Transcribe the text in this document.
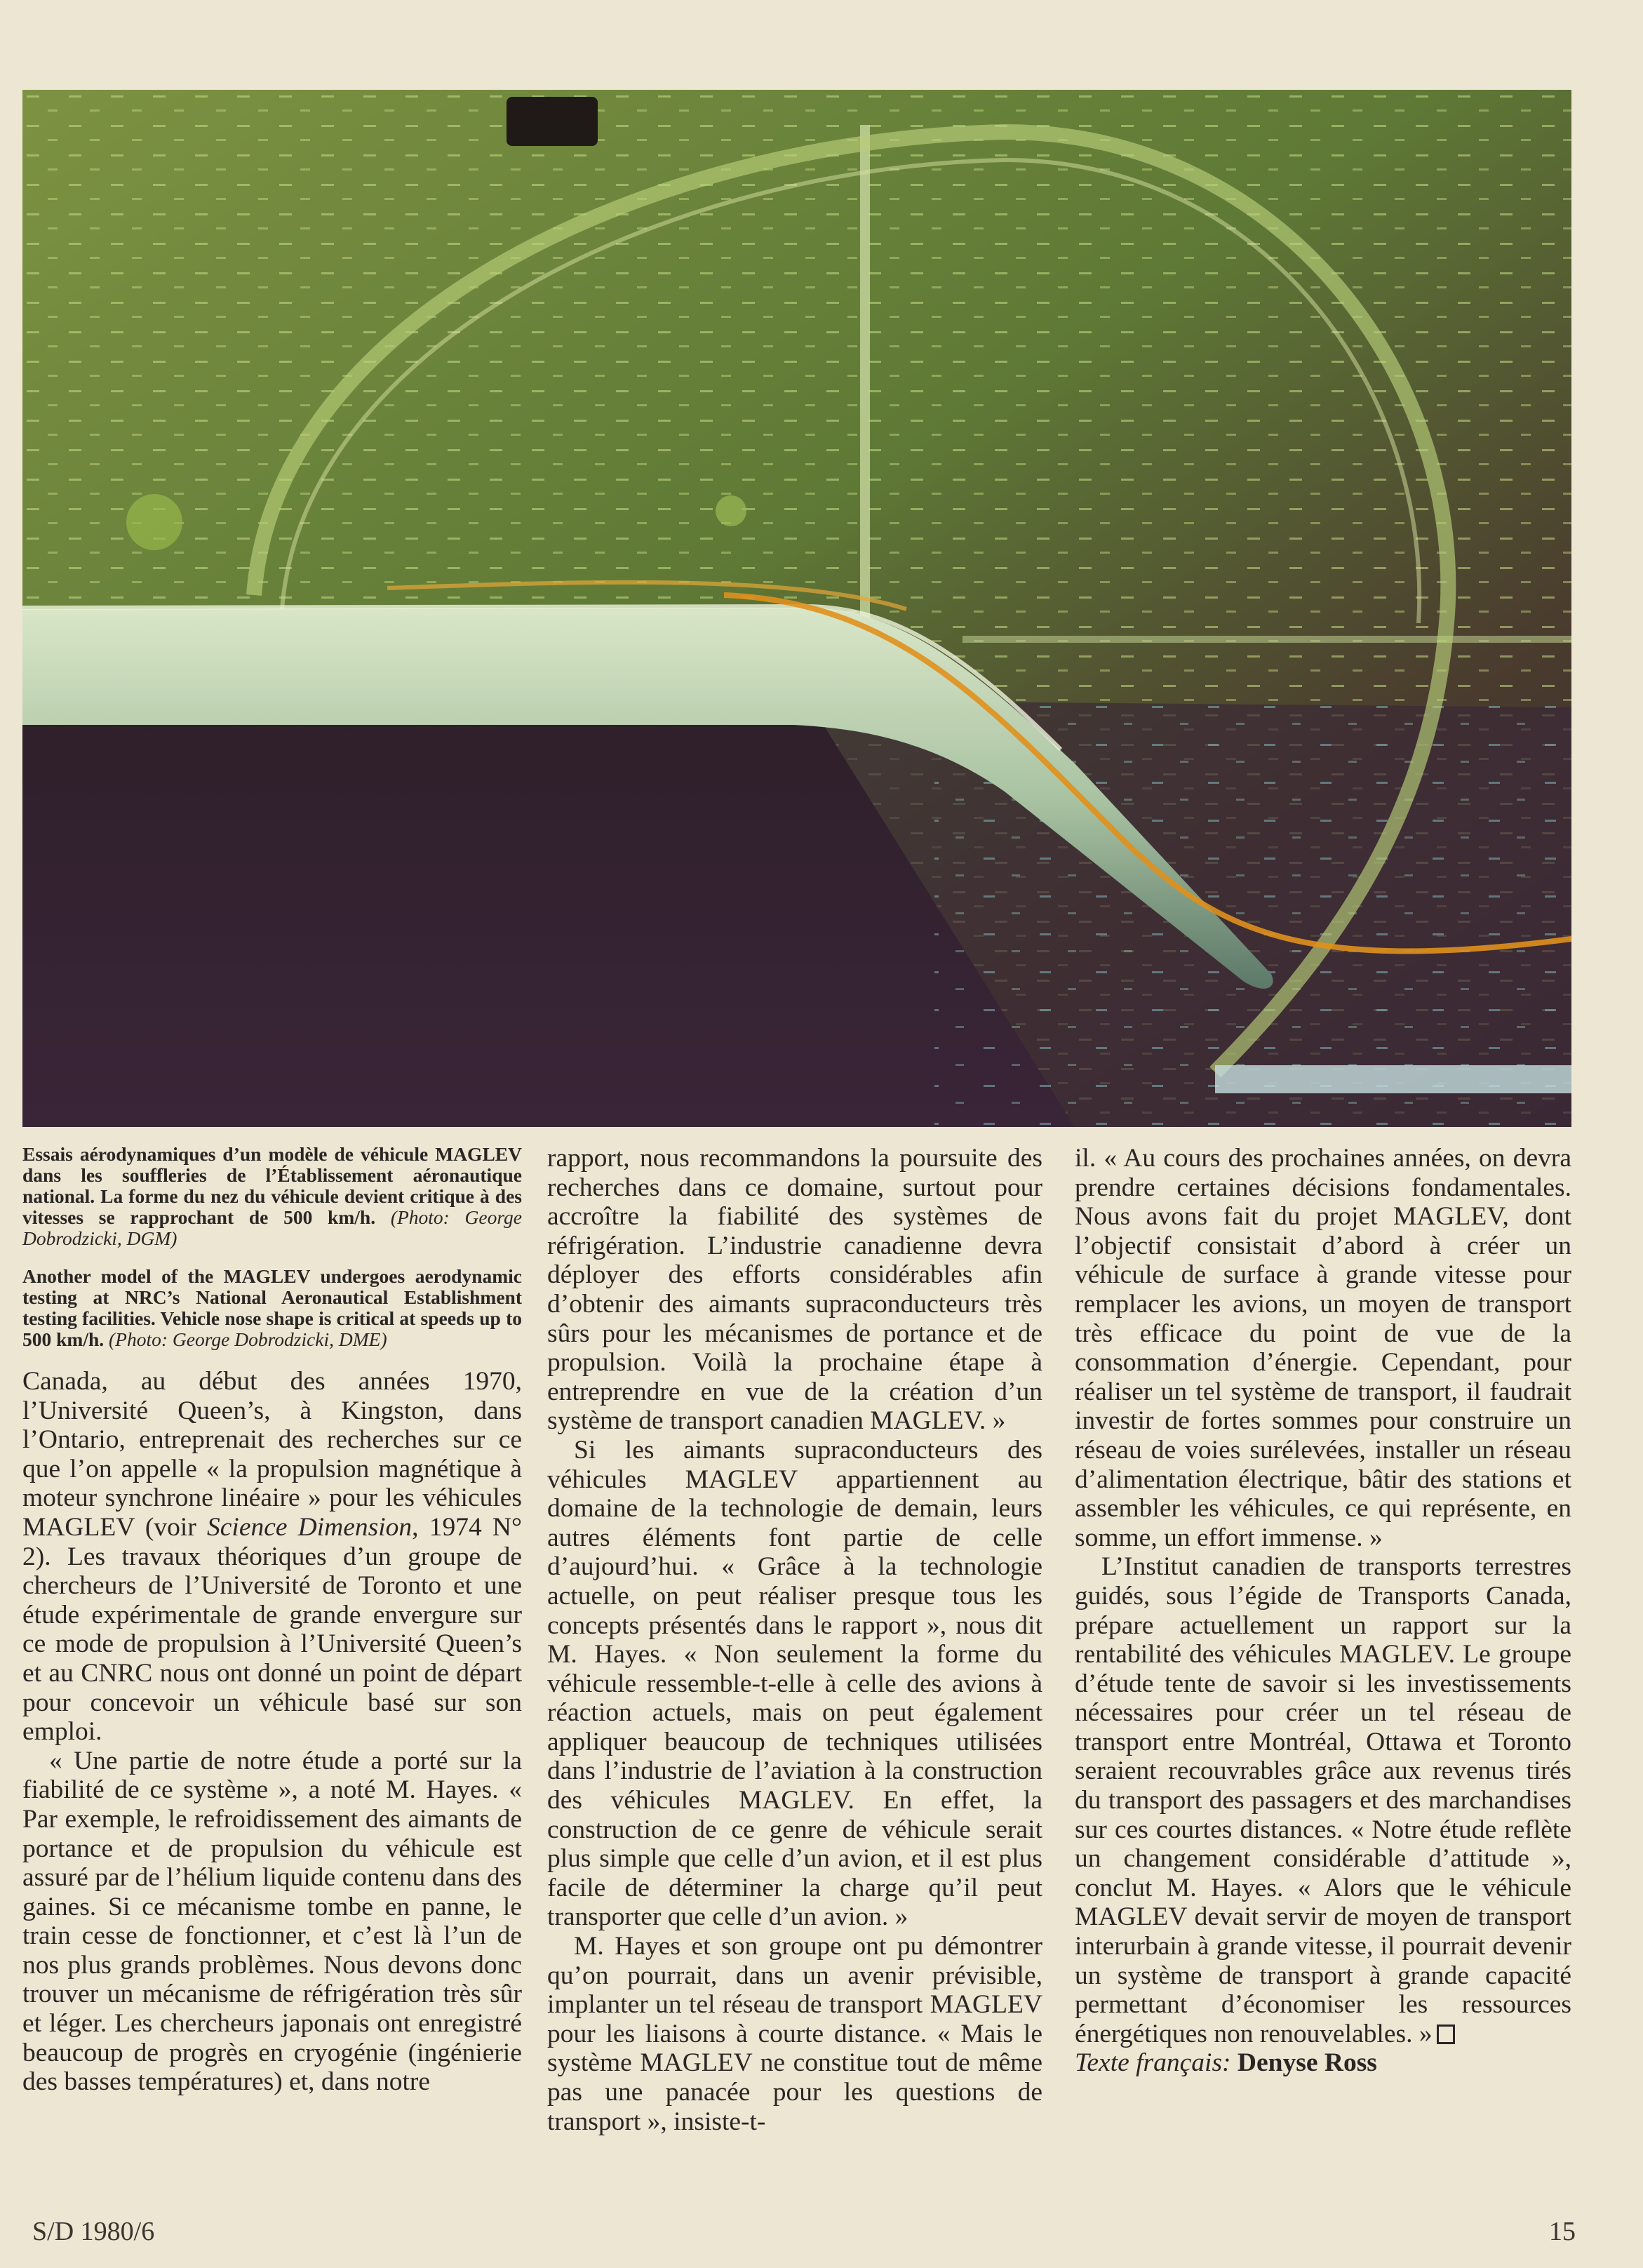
Essais aérodynamiques d’un modèle de véhicule MAGLEV dans les souffleries de l’Établissement aéronautique national. La forme du nez du véhicule devient critique à des vitesses se rapprochant de 500 km/h. (Photo: George Dobrodzicki, DGM)
Another model of the MAGLEV undergoes aerodynamic testing at NRC’s National Aeronautical Establishment testing facilities. Vehicle nose shape is critical at speeds up to 500 km/h. (Photo: George Dobrodzicki, DME)

Canada, au début des années 1970, l’Université Queen’s, à Kingston, dans l’Ontario, entreprenait des recherches sur ce que l’on appelle « la propulsion magnétique à moteur synchrone linéaire » pour les véhicules MAGLEV (voir Science Dimension, 1974 N° 2). Les travaux théoriques d’un groupe de chercheurs de l’Université de Toronto et une étude expérimentale de grande envergure sur ce mode de propulsion à l’Université Queen’s et au CNRC nous ont donné un point de départ pour concevoir un véhicule basé sur son emploi.

« Une partie de notre étude a porté sur la fiabilité de ce système », a noté M. Hayes. « Par exemple, le refroidissement des aimants de portance et de propulsion du véhicule est assuré par de l’hélium liquide contenu dans des gaines. Si ce mécanisme tombe en panne, le train cesse de fonctionner, et c’est là l’un de nos plus grands problèmes. Nous devons donc trouver un mécanisme de réfrigération très sûr et léger. Les chercheurs japonais ont enregistré beaucoup de progrès en cryogénie (ingénierie des basses températures) et, dans notre

rapport, nous recommandons la poursuite des recherches dans ce domaine, surtout pour accroître la fiabilité des systèmes de réfrigération. L’industrie canadienne devra déployer des efforts considérables afin d’obtenir des aimants supraconducteurs très sûrs pour les mécanismes de portance et de propulsion. Voilà la prochaine étape à entreprendre en vue de la création d’un système de transport canadien MAGLEV. »

Si les aimants supraconducteurs des véhicules MAGLEV appartiennent au domaine de la technologie de demain, leurs autres éléments font partie de celle d’aujourd’hui. « Grâce à la technologie actuelle, on peut réaliser presque tous les concepts présentés dans le rapport », nous dit M. Hayes. « Non seulement la forme du véhicule ressemble-t-elle à celle des avions à réaction actuels, mais on peut également appliquer beaucoup de techniques utilisées dans l’industrie de l’aviation à la construction des véhicules MAGLEV. En effet, la construction de ce genre de véhicule serait plus simple que celle d’un avion, et il est plus facile de déterminer la charge qu’il peut transporter que celle d’un avion. »

M. Hayes et son groupe ont pu démontrer qu’on pourrait, dans un avenir prévisible, implanter un tel réseau de transport MAGLEV pour les liaisons à courte distance. « Mais le système MAGLEV ne constitue tout de même pas une panacée pour les questions de transport », insiste-t-

il. « Au cours des prochaines années, on devra prendre certaines décisions fondamentales. Nous avons fait du projet MAGLEV, dont l’objectif consistait d’abord à créer un véhicule de surface à grande vitesse pour remplacer les avions, un moyen de transport très efficace du point de vue de la consommation d’énergie. Cependant, pour réaliser un tel système de transport, il faudrait investir de fortes sommes pour construire un réseau de voies surélevées, installer un réseau d’alimentation électrique, bâtir des stations et assembler les véhicules, ce qui représente, en somme, un effort immense. »

L’Institut canadien de transports terrestres guidés, sous l’égide de Transports Canada, prépare actuellement un rapport sur la rentabilité des véhicules MAGLEV. Le groupe d’étude tente de savoir si les investissements nécessaires pour créer un tel réseau de transport entre Montréal, Ottawa et Toronto seraient recouvrables grâce aux revenus tirés du transport des passagers et des marchandises sur ces courtes distances. « Notre étude reflète un changement considérable d’attitude », conclut M. Hayes. « Alors que le véhicule MAGLEV devait servir de moyen de transport interurbain à grande vitesse, il pourrait devenir un système de transport à grande capacité permettant d’économiser les ressources énergétiques non renouvelables. »

Texte français: Denyse Ross

S/D 1980/6	15
